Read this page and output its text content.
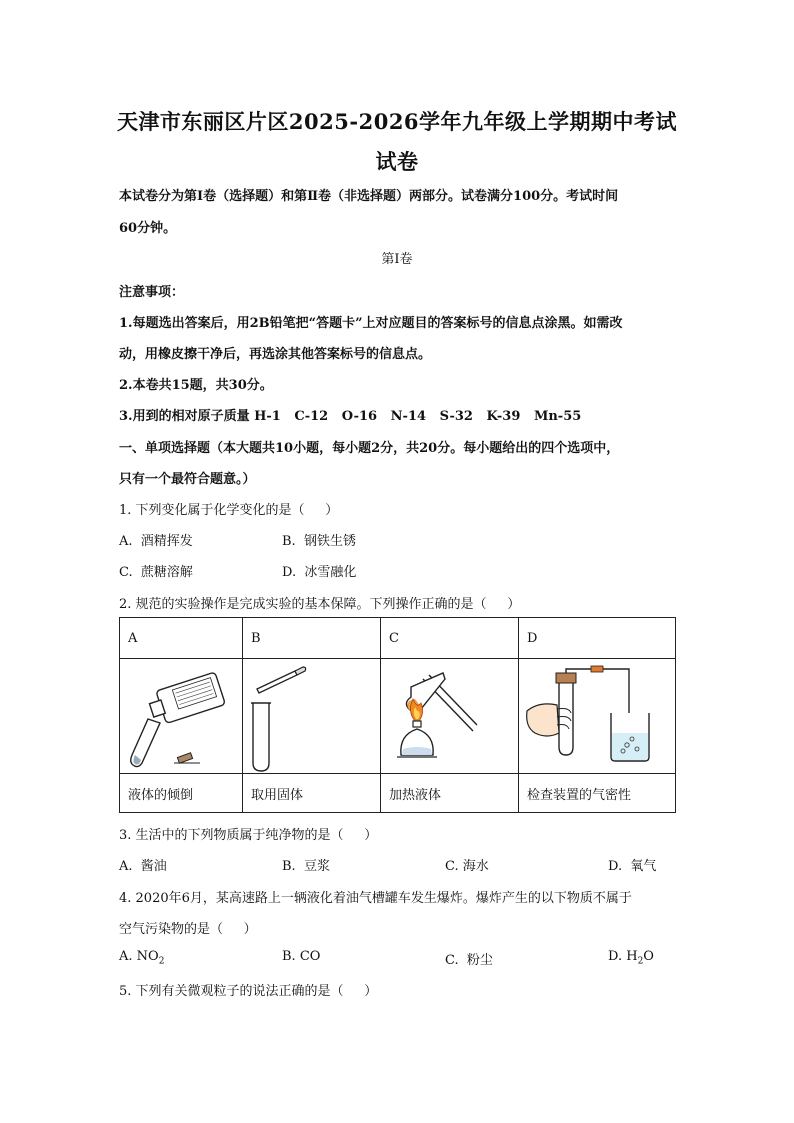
天津市东丽区片区2025-2026学年九年级上学期期中考试
试卷
本试卷分为第Ⅰ卷（选择题）和第Ⅱ卷（非选择题）两部分。试卷满分100分。考试时间
60分钟。
第Ⅰ卷
注意事项：
1.每题选出答案后，用2B铅笔把“答题卡”上对应题目的答案标号的信息点涂黑。如需改
动，用橡皮擦干净后，再选涂其他答案标号的信息点。
2.本卷共15题，共30分。
3.用到的相对原子质量 H-1   C-12   O-16   N-14   S-32   K-39   Mn-55
一、单项选择题（本大题共10小题，每小题2分，共20分。每小题给出的四个选项中，
只有一个最符合题意。）
1. 下列变化属于化学变化的是（     ）
A.  酒精挥发	B.  钢铁生锈
C.  蔗糖溶解	D.  冰雪融化
2. 规范的实验操作是完成实验的基本保障。下列操作正确的是（     ）
A	B	C	D

液体的倾倒	取用固体	加热液体	检查装置的气密性
3. 生活中的下列物质属于纯净物的是（     ）
A.  酱油	B.  豆浆	C. 海水	D.  氧气
4. 2020年6月，某高速路上一辆液化着油气槽罐车发生爆炸。爆炸产生的以下物质不属于
空气污染物的是（     ）
A. $NO_2$	B. CO	C.  粉尘	D. $H_2O$
5. 下列有关微观粒子的说法正确的是（     ）
